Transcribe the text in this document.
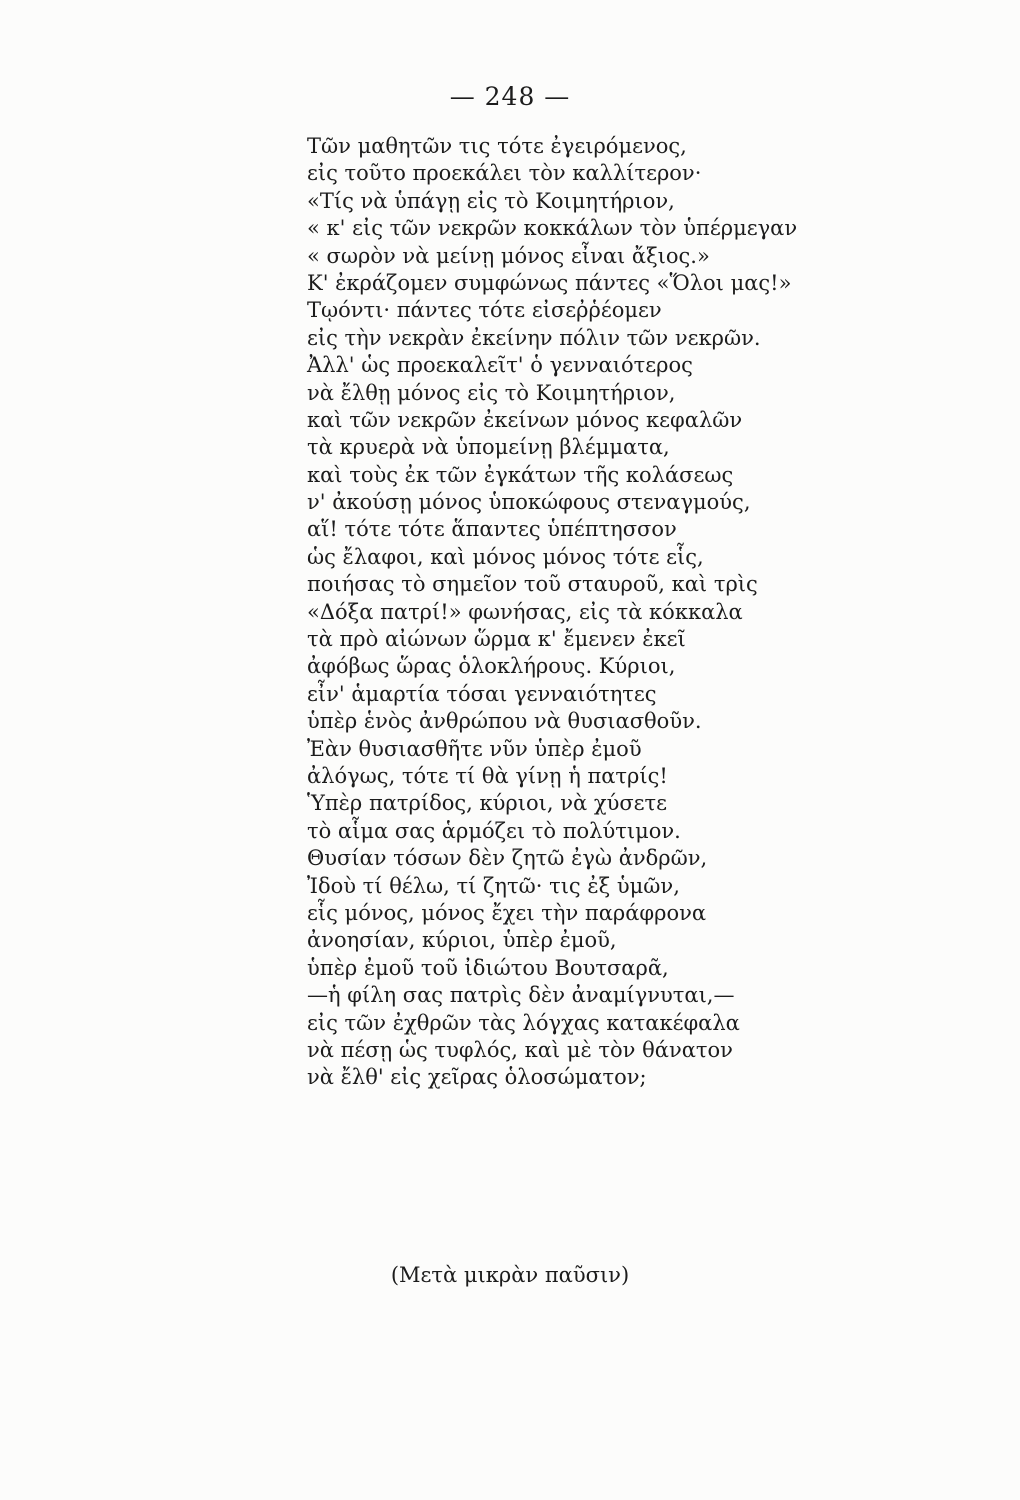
— 248 —
Τῶν μαθητῶν τις τότε ἐγειρόμενος,
εἰς τοῦτο προεκάλει τὸν καλλίτερον·
«Τίς νὰ ὑπάγῃ εἰς τὸ Κοιμητήριον,
« κ' εἰς τῶν νεκρῶν κοκκάλων τὸν ὑπέρμεγαν
« σωρὸν νὰ μείνῃ μόνος εἶναι ἄξιος.»
Κ' ἐκράζομεν συμφώνως πάντες «Ὅλοι μας!»
Τῳόντι· πάντες τότε εἰσεῤῥέομεν
εἰς τὴν νεκρὰν ἐκείνην πόλιν τῶν νεκρῶν.
Ἀλλ' ὡς προεκαλεῖτ' ὁ γενναιότερος
νὰ ἔλθῃ μόνος εἰς τὸ Κοιμητήριον,
καὶ τῶν νεκρῶν ἐκείνων μόνος κεφαλῶν
τὰ κρυερὰ νὰ ὑπομείνῃ βλέμματα,
καὶ τοὺς ἐκ τῶν ἐγκάτων τῆς κολάσεως
ν' ἀκούσῃ μόνος ὑποκώφους στεναγμούς,
αἵ! τότε τότε ἅπαντες ὑπέπτησσον
ὡς ἔλαφοι, καὶ μόνος μόνος τότε εἷς,
ποιήσας τὸ σημεῖον τοῦ σταυροῦ, καὶ τρὶς
«Δόξα πατρί!» φωνήσας, εἰς τὰ κόκκαλα
τὰ πρὸ αἰώνων ὥρμα κ' ἔμενεν ἐκεῖ
ἀφόβως ὥρας ὁλοκλήρους. Κύριοι,
εἶν' ἁμαρτία τόσαι γενναιότητες
ὑπὲρ ἑνὸς ἀνθρώπου νὰ θυσιασθοῦν.
Ἐὰν θυσιασθῆτε νῦν ὑπὲρ ἐμοῦ
ἀλόγως, τότε τί θὰ γίνῃ ἡ πατρίς!
Ὑπὲρ πατρίδος, κύριοι, νὰ χύσετε
τὸ αἷμα σας ἁρμόζει τὸ πολύτιμον.
Θυσίαν τόσων δὲν ζητῶ ἐγὼ ἀνδρῶν,
Ἰδοὺ τί θέλω, τί ζητῶ· τις ἐξ ὑμῶν,
εἷς μόνος, μόνος ἔχει τὴν παράφρονα
ἀνοησίαν, κύριοι, ὑπὲρ ἐμοῦ,
ὑπὲρ ἐμοῦ τοῦ ἰδιώτου Βουτσαρᾶ,
—ἡ φίλη σας πατρὶς δὲν ἀναμίγνυται,—
εἰς τῶν ἐχθρῶν τὰς λόγχας κατακέφαλα
νὰ πέσῃ ὡς τυφλός, καὶ μὲ τὸν θάνατον
νὰ ἔλθ' εἰς χεῖρας ὁλοσώματον;
(Μετὰ μικρὰν παῦσιν)
